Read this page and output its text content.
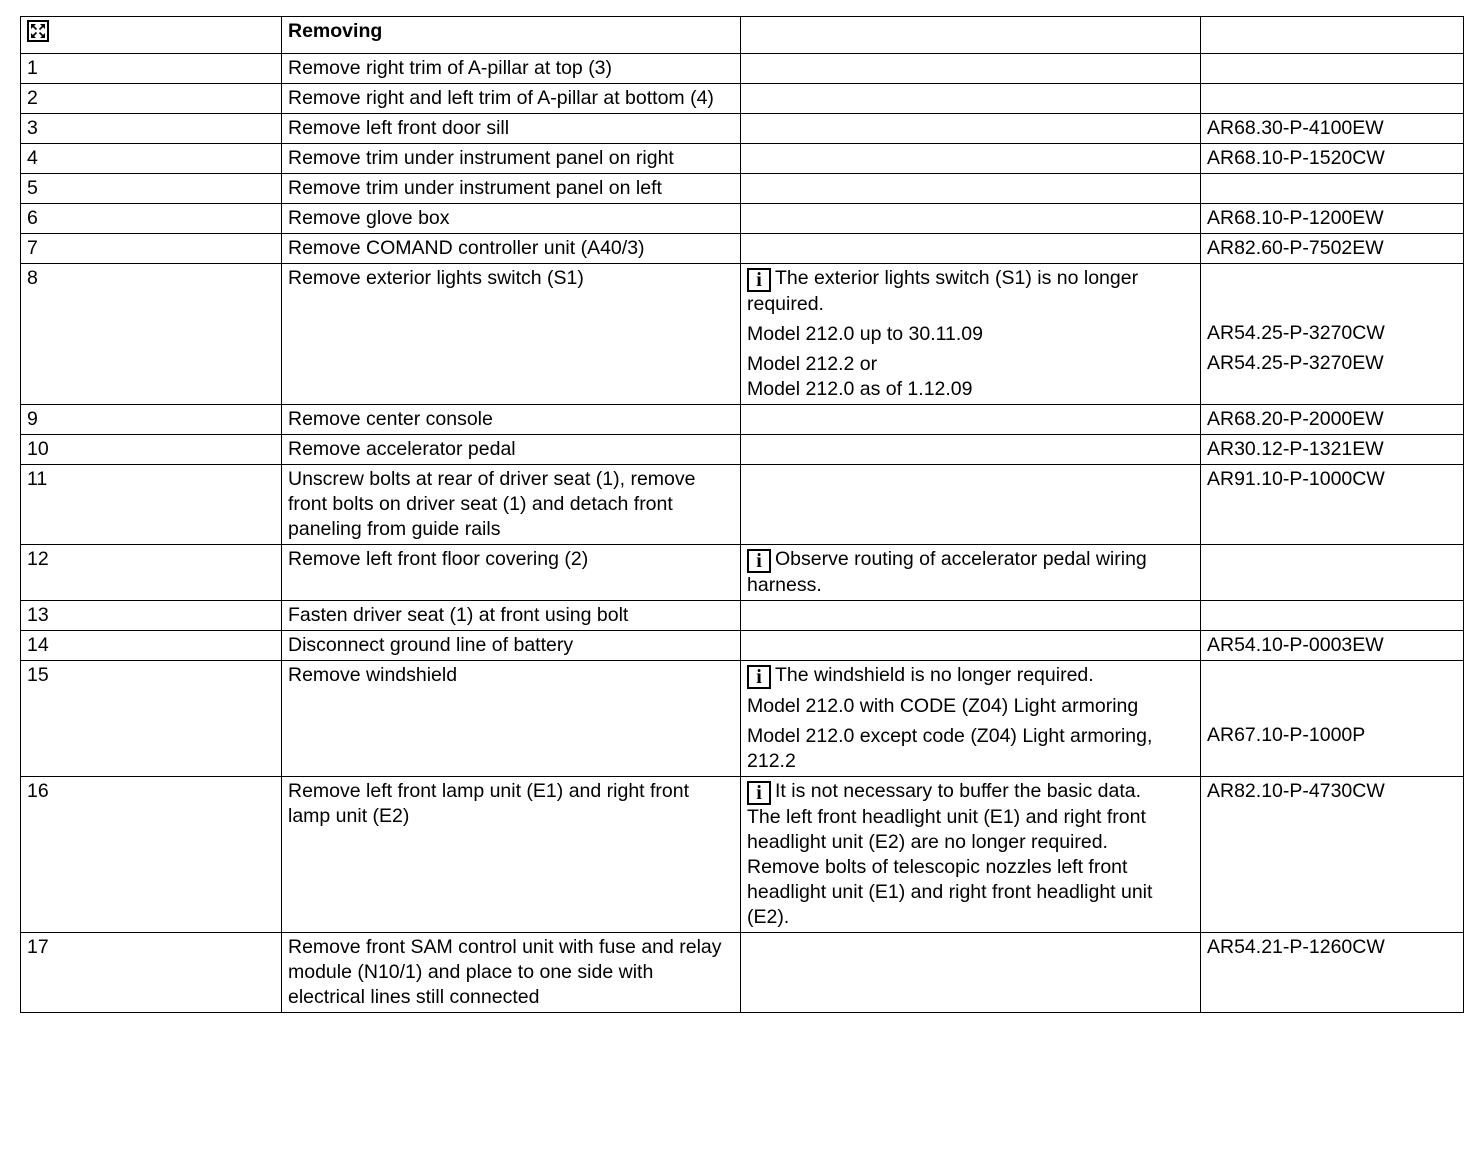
	Removing		
1	Remove right trim of A-pillar at top (3)		
2	Remove right and left trim of A-pillar at bottom (4)		
3	Remove left front door sill		AR68.30-P-4100EW
4	Remove trim under instrument panel on right		AR68.10-P-1520CW
5	Remove trim under instrument panel on left		
6	Remove glove box		AR68.10-P-1200EW
7	Remove COMAND controller unit (A40/3)		AR82.60-P-7502EW
8	Remove exterior lights switch (S1)	i The exterior lights switch (S1) is no longer required.
Model 212.0 up to 30.11.09
Model 212.2 or
Model 212.0 as of 1.12.09	AR54.25-P-3270CW
AR54.25-P-3270EW

9	Remove center console		AR68.20-P-2000EW
10	Remove accelerator pedal		AR30.12-P-1321EW
11	Unscrew bolts at rear of driver seat (1), remove front bolts on driver seat (1) and detach front paneling from guide rails		AR91.10-P-1000CW
12	Remove left front floor covering (2)	i Observe routing of accelerator pedal wiring harness.	

13	Fasten driver seat (1) at front using bolt		
14	Disconnect ground line of battery		AR54.10-P-0003EW
15	Remove windshield	i The windshield is no longer required.
Model 212.0 with CODE (Z04) Light armoring
Model 212.0 except code (Z04) Light armoring, 212.2	AR67.10-P-1000P

16	Remove left front lamp unit (E1) and right front lamp unit (E2)	i It is not necessary to buffer the basic data.
The left front headlight unit (E1) and right front headlight unit (E2) are no longer required.
Remove bolts of telescopic nozzles left front headlight unit (E1) and right front headlight unit (E2).	AR82.10-P-4730CW
17	Remove front SAM control unit with fuse and relay module (N10/1) and place to one side with electrical lines still connected		AR54.21-P-1260CW
